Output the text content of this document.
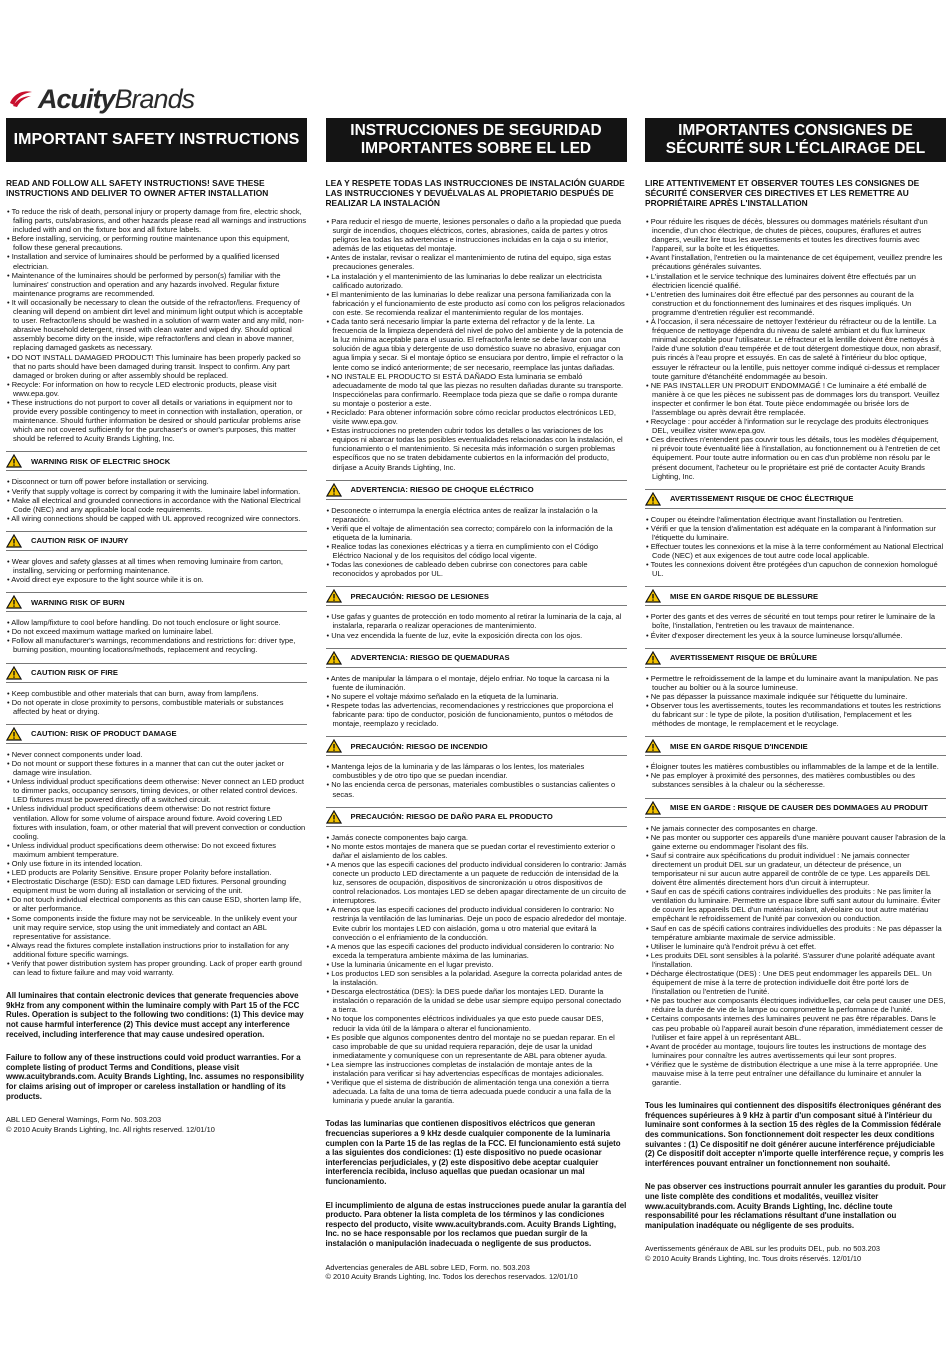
AcuityBrands
IMPORTANT SAFETY INSTRUCTIONS
READ AND FOLLOW ALL SAFETY INSTRUCTIONS! SAVE THESE INSTRUCTIONS AND DELIVER TO OWNER AFTER INSTALLATION
• To reduce the risk of death, personal injury or property damage from fire, electric shock, falling parts, cuts/abrasions, and other hazards please read all warnings and instructions included with and on the fixture box and all fixture labels.
• Before installing, servicing, or performing routine maintenance upon this equipment, follow these general precautions.
• Installation and service of luminaires should be performed by a qualified licensed electrician.
• Maintenance of the luminaires should be performed by person(s) familiar with the luminaires' construction and operation and any hazards involved. Regular fixture maintenance programs are recommended.
• It will occasionally be necessary to clean the outside of the refractor/lens. Frequency of cleaning will depend on ambient dirt level and minimum light output which is acceptable to user. Refractor/lens should be washed in a solution of warm water and any mild, non-abrasive household detergent, rinsed with clean water and wiped dry. Should optical assembly become dirty on the inside, wipe refractor/lens and clean in above manner, replacing damaged gaskets as necessary.
• DO NOT INSTALL DAMAGED PRODUCT! This luminaire has been properly packed so that no parts should have been damaged during transit. Inspect to confirm. Any part damaged or broken during or after assembly should be replaced.
• Recycle: For information on how to recycle LED electronic products, please visit www.epa.gov.
• These instructions do not purport to cover all details or variations in equipment nor to provide every possible contingency to meet in connection with installation, operation, or maintenance. Should further information be desired or should particular problems arise which are not covered sufficiently for the purchaser's or owner's purposes, this matter should be referred to Acuity Brands Lighting, Inc.
WARNING RISK OF ELECTRIC SHOCK
• Disconnect or turn off power before installation or servicing.
• Verify that supply voltage is correct by comparing it with the luminaire label information.
• Make all electrical and grounded connections in accordance with the National Electrical Code (NEC) and any applicable local code requirements.
• All wiring connections should be capped with UL approved recognized wire connectors.
CAUTION RISK OF INJURY
• Wear gloves and safety glasses at all times when removing luminaire from carton, installing, servicing or performing maintenance.
• Avoid direct eye exposure to the light source while it is on.
WARNING RISK OF BURN
• Allow lamp/fixture to cool before handling. Do not touch enclosure or light source.
• Do not exceed maximum wattage marked on luminaire label.
• Follow all manufacturer's warnings, recommendations and restrictions for: driver type, burning position, mounting locations/methods, replacement and recycling.
CAUTION RISK OF FIRE
• Keep combustible and other materials that can burn, away from lamp/lens.
• Do not operate in close proximity to persons, combustible materials or substances affected by heat or drying.
CAUTION: RISK OF PRODUCT DAMAGE
• Never connect components under load.
• Do not mount or support these fixtures in a manner that can cut the outer jacket or damage wire insulation.
• Unless individual product specifications deem otherwise: Never connect an LED product to dimmer packs, occupancy sensors, timing devices, or other related control devices. LED fixtures must be powered directly off a switched circuit.
• Unless individual product specifications deem otherwise: Do not restrict fixture ventilation. Allow for some volume of airspace around fixture. Avoid covering LED fixtures with insulation, foam, or other material that will prevent convection or conduction cooling.
• Unless individual product specifications deem otherwise: Do not exceed fixtures maximum ambient temperature.
• Only use fixture in its intended location.
• LED products are Polarity Sensitive. Ensure proper Polarity before installation.
• Electrostatic Discharge (ESD): ESD can damage LED fixtures. Personal grounding equipment must be worn during all installation or servicing of the unit.
• Do not touch individual electrical components as this can cause ESD, shorten lamp life, or alter performance.
• Some components inside the fixture may not be serviceable. In the unlikely event your unit may require service, stop using the unit immediately and contact an ABL representative for assistance.
• Always read the fixtures complete installation instructions prior to installation for any additional fixture specific warnings.
• Verify that power distribution system has proper grounding. Lack of proper earth ground can lead to fixture failure and may void warranty.
All luminaires that contain electronic devices that generate frequencies above 9kHz from any component within the luminaire comply with Part 15 of the FCC Rules. Operation is subject to the following two conditions: (1) This device may not cause harmful interference (2) This device must accept any interference received, including interference that may cause undesired operation.
Failure to follow any of these instructions could void product warranties. For a complete listing of product Terms and Conditions, please visit www.acuitybrands.com. Acuity Brands Lighting, Inc. assumes no responsibility for claims arising out of improper or careless installation or handling of its products.
ABL LED General Warnings, Form No. 503.203
© 2010 Acuity Brands Lighting, Inc. All rights reserved. 12/01/10
INSTRUCCIONES DE SEGURIDAD IMPORTANTES SOBRE EL LED
LEA Y RESPETE TODAS LAS INSTRUCCIONES DE INSTALACIÓN GUARDE LAS INSTRUCCIONES Y DEVUÉLVALAS AL PROPIETARIO DESPUÉS DE REALIZAR LA INSTALACIÓN
• Para reducir el riesgo de muerte, lesiones personales o daño a la propiedad que pueda surgir de incendios, choques eléctricos, cortes, abrasiones, caída de partes y otros peligros lea todas las advertencias e instrucciones incluidas en la caja o su interior, además de las etiquetas del montaje.
• Antes de instalar, revisar o realizar el mantenimiento de rutina del equipo, siga estas precauciones generales.
• La instalación y el mantenimiento de las luminarias lo debe realizar un electricista calificado autorizado.
• El mantenimiento de las luminarias lo debe realizar una persona familiarizada con la fabricación y el funcionamiento de este producto así como con los peligros relacionados con este. Se recomienda realizar el mantenimiento regular de los montajes.
• Cada tanto será necesario limpiar la parte externa del refractor y de la lente. La frecuencia de la limpieza dependerá del nivel de polvo del ambiente y de la potencia de la luz mínima aceptable para el usuario. El refractor/la lente se debe lavar con una solución de agua tibia y detergente de uso doméstico suave no abrasivo, enjuagar con agua limpia y secar. Si el montaje óptico se ensuciara por dentro, limpie el refractor o la lente como se indicó anteriormente; de ser necesario, reemplace las juntas dañadas.
• NO INSTALE EL PRODUCTO SI ESTÁ DAÑADO Esta luminaria se embaló adecuadamente de modo tal que las piezas no resulten dañadas durante su transporte. Inspecciónelas para confirmarlo. Reemplace toda pieza que se dañe o rompa durante su montaje o posterior a este.
• Reciclado: Para obtener información sobre cómo reciclar productos electrónicos LED, visite www.epa.gov.
• Estas instrucciones no pretenden cubrir todos los detalles o las variaciones de los equipos ni abarcar todas las posibles eventualidades relacionadas con la instalación, el funcionamiento o el mantenimiento. Si necesita más información o surgen problemas específicos que no se traten debidamente cubiertos en la información del producto, diríjase a Acuity Brands Lighting, Inc.
ADVERTENCIA: RIESGO DE CHOQUE ELÉCTRICO
• Desconecte o interrumpa la energía eléctrica antes de realizar la instalación o la reparación.
• Verifi que el voltaje de alimentación sea correcto; compárelo con la información de la etiqueta de la luminaria.
• Realice todas las conexiones eléctricas y a tierra en cumplimiento con el Código Eléctrico Nacional y de los requisitos del código local vigente.
• Todas las conexiones de cableado deben cubrirse con conectores para cable reconocidos y aprobados por UL.
PRECAUCIÓN: RIESGO DE LESIONES
• Use gafas y guantes de protección en todo momento al retirar la luminaria de la caja, al instalarla, repararla o realizar operaciones de mantenimiento.
• Una vez encendida la fuente de luz, evite la exposición directa con los ojos.
ADVERTENCIA: RIESGO DE QUEMADURAS
• Antes de manipular la lámpara o el montaje, déjelo enfriar. No toque la carcasa ni la fuente de iluminación.
• No supere el voltaje máximo señalado en la etiqueta de la luminaria.
• Respete todas las advertencias, recomendaciones y restricciones que proporciona el fabricante para: tipo de conductor, posición de funcionamiento, puntos o métodos de montaje, reemplazo y reciclado.
PRECAUCIÓN: RIESGO DE INCENDIO
• Mantenga lejos de la luminaria y de las lámparas o los lentes, los materiales combustibles y de otro tipo que se puedan incendiar.
• No las encienda cerca de personas, materiales combustibles o sustancias calientes o secas.
PRECAUCIÓN: RIESGO DE DAÑO PARA EL PRODUCTO
• Jamás conecte componentes bajo carga.
• No monte estos montajes de manera que se puedan cortar el revestimiento exterior o dañar el aislamiento de los cables.
• A menos que las especifi caciones del producto individual consideren lo contrario: Jamás conecte un producto LED directamente a un paquete de reducción de intensidad de la luz, sensores de ocupación, dispositivos de sincronización u otros dispositivos de control relacionados. Los montajes LED se deben apagar directamente de un circuito de interruptores.
• A menos que las especifi caciones del producto individual consideren lo contrario: No restrinja la ventilación de las luminarias. Deje un poco de espacio alrededor del montaje. Evite cubrir los montajes LED con aislación, goma u otro material que evitará la convección o el enfriamiento de la conducción.
• A menos que las especifi caciones del producto individual consideren lo contrario: No exceda la temperatura ambiente máxima de las luminarias.
• Use la luminaria únicamente en el lugar previsto.
• Los productos LED son sensibles a la polaridad. Asegure la correcta polaridad antes de la instalación.
• Descarga electrostática (DES): la DES puede dañar los montajes LED. Durante la instalación o reparación de la unidad se debe usar siempre equipo personal conectado a tierra.
• No toque los componentes eléctricos individuales ya que esto puede causar DES, reducir la vida útil de la lámpara o alterar el funcionamiento.
• Es posible que algunos componentes dentro del montaje no se puedan reparar. En el caso improbable de que su unidad requiera reparación, deje de usar la unidad inmediatamente y comuníquese con un representante de ABL para obtener ayuda.
• Lea siempre las instrucciones completas de instalación de montaje antes de la instalación para verificar si hay advertencias específicas de montajes adicionales.
• Verifique que el sistema de distribución de alimentación tenga una conexión a tierra adecuada. La falta de una toma de tierra adecuada puede conducir a una falla de la luminaria y puede anular la garantía.
Todas las luminarias que contienen dispositivos eléctricos que generan frecuencias superiores a 9 kHz desde cualquier componente de la luminaria cumplen con la Parte 15 de las reglas de la FCC. El funcionamiento está sujeto a las siguientes dos condiciones: (1) este dispositivo no puede ocasionar interferencias perjudiciales, y (2) este dispositivo debe aceptar cualquier interferencia recibida, incluso aquellas que puedan ocasionar un mal funcionamiento.
El incumplimiento de alguna de estas instrucciones puede anular la garantía del producto. Para obtener la lista completa de los términos y las condiciones respecto del producto, visite www.acuitybrands.com. Acuity Brands Lighting, Inc. no se hace responsable por los reclamos que puedan surgir de la instalación o manipulación inadecuada o negligente de sus productos.
Advertencias generales de ABL sobre LED, Form. no. 503.203
© 2010 Acuity Brands Lighting, Inc. Todos los derechos reservados. 12/01/10
IMPORTANTES CONSIGNES DE SÉCURITÉ SUR L'ÉCLAIRAGE DEL
LIRE ATTENTIVEMENT ET OBSERVER TOUTES LES CONSIGNES DE SÉCURITÉ CONSERVER CES DIRECTIVES ET LES REMETTRE AU PROPRIÉTAIRE APRÈS L'INSTALLATION
• Pour réduire les risques de décès, blessures ou dommages matériels résultant d'un incendie, d'un choc électrique, de chutes de pièces, coupures, éraflures et autres dangers, veuillez lire tous les avertissements et toutes les directives fournis avec l'appareil, sur la boîte et les étiquettes.
• Avant l'installation, l'entretien ou la maintenance de cet équipement, veuillez prendre les précautions générales suivantes.
• L'installation et le service technique des luminaires doivent être effectués par un électricien licencié qualifié.
• L'entretien des luminaires doit être effectué par des personnes au courant de la construction et du fonctionnement des luminaires et des risques impliqués. Un programme d'entretien régulier est recommandé.
• À l'occasion, il sera nécessaire de nettoyer l'extérieur du réfracteur ou de la lentille. La fréquence de nettoyage dépendra du niveau de saleté ambiant et du flux lumineux minimal acceptable pour l'utilisateur. Le réfracteur et la lentille doivent être nettoyés à l'aide d'une solution d'eau tempérée et de tout détergent domestique doux, non abrasif, puis rincés à l'eau propre et essuyés. En cas de saleté à l'intérieur du bloc optique, essuyer le réfracteur ou la lentille, puis nettoyer comme indiqué ci-dessus et remplacer toute garniture d'étanchéité endommagée au besoin.
• NE PAS INSTALLER UN PRODUIT ENDOMMAGÉ ! Ce luminaire a été emballé de manière à ce que les pièces ne subissent pas de dommages lors du transport. Veuillez inspecter et confirmer le bon état. Toute pièce endommagée ou brisée lors de l'assemblage ou après devrait être remplacée.
• Recyclage : pour accéder à l'information sur le recyclage des produits électroniques DEL, veuillez visiter www.epa.gov.
• Ces directives n'entendent pas couvrir tous les détails, tous les modèles d'équipement, ni prévoir toute éventualité liée à l'installation, au fonctionnement ou à l'entretien de cet équipement. Pour toute autre information ou en cas d'un problème non résolu par le présent document, l'acheteur ou le propriétaire est prié de contacter Acuity Brands Lighting, Inc.
AVERTISSEMENT RISQUE DE CHOC ÉLECTRIQUE
• Couper ou éteindre l'alimentation électrique avant l'installation ou l'entretien.
• Vérifi er que la tension d'alimentation est adéquate en la comparant à l'information sur l'étiquette du luminaire.
• Effectuer toutes les connexions et la mise à la terre conformément au National Electrical Code (NEC) et aux exigences de tout autre code local applicable.
• Toutes les connexions doivent être protégées d'un capuchon de connexion homologué UL.
MISE EN GARDE RISQUE DE BLESSURE
• Porter des gants et des verres de sécurité en tout temps pour retirer le luminaire de la boîte, l'installation, l'entretien ou les travaux de maintenance.
• Éviter d'exposer directement les yeux à la source lumineuse lorsqu'allumée.
AVERTISSEMENT RISQUE DE BRÛLURE
• Permettre le refroidissement de la lampe et du luminaire avant la manipulation. Ne pas toucher au boîtier ou à la source lumineuse.
• Ne pas dépasser la puissance maximale indiquée sur l'étiquette du luminaire.
• Observer tous les avertissements, toutes les recommandations et toutes les restrictions du fabricant sur : le type de pilote, la position d'utilisation, l'emplacement et les méthodes de montage, le remplacement et le recyclage.
MISE EN GARDE RISQUE D'INCENDIE
• Éloigner toutes les matières combustibles ou inflammables de la lampe et de la lentille.
• Ne pas employer à proximité des personnes, des matières combustibles ou des substances sensibles à la chaleur ou la sécheresse.
MISE EN GARDE : RISQUE DE CAUSER DES DOMMAGES AU PRODUIT
• Ne jamais connecter des composantes en charge.
• Ne pas monter ou supporter ces appareils d'une manière pouvant causer l'abrasion de la gaine externe ou endommager l'isolant des fils.
• Sauf si contraire aux spécifications du produit individuel : Ne jamais connecter directement un produit DEL sur un gradateur, un détecteur de présence, un temporisateur ni sur aucun autre appareil de contrôle de ce type. Les appareils DEL doivent être alimentés directement hors d'un circuit à interrupteur.
• Sauf en cas de spécifi cations contraires individuelles des produits : Ne pas limiter la ventilation du luminaire. Permettre un espace libre suffi sant autour du luminaire. Éviter de couvrir les appareils DEL d'un matériau isolant, alvéolaire ou tout autre matériau empêchant le refroidissement de l'unité par convexion ou conduction.
• Sauf en cas de spécifi cations contraires individuelles des produits : Ne pas dépasser la température ambiante maximale de service admissible.
• Utiliser le luminaire qu'à l'endroit prévu à cet effet.
• Les produits DEL sont sensibles à la polarité. S'assurer d'une polarité adéquate avant l'installation.
• Décharge électrostatique (DES) : Une DES peut endommager les appareils DEL. Un équipement de mise à la terre de protection individuelle doit être porté lors de l'installation ou l'entretien de l'unité.
• Ne pas toucher aux composants électriques individuelles, car cela peut causer une DES, réduire la durée de vie de la lampe ou compromettre la performance de l'unité.
• Certains composants internes des luminaires peuvent ne pas être réparables. Dans le cas peu probable où l'appareil aurait besoin d'une réparation, immédiatement cesser de l'utiliser et faire appel à un représentant ABL.
• Avant de procéder au montage, toujours lire toutes les instructions de montage des luminaires pour connaître les autres avertissements qui leur sont propres.
• Vérifiez que le système de distribution électrique a une mise à la terre appropriée. Une mauvaise mise à la terre peut entraîner une défaillance du luminaire et annuler la garantie.
Tous les luminaires qui contiennent des dispositifs électroniques générant des fréquences supérieures à 9 kHz à partir d'un composant situé à l'intérieur du luminaire sont conformes à la section 15 des règles de la Commission fédérale des communications. Son fonctionnement doit respecter les deux conditions suivantes : (1) Ce dispositif ne doit générer aucune interférence préjudiciable (2) Ce dispositif doit accepter n'importe quelle interférence reçue, y compris les interférences pouvant entraîner un fonctionnement non souhaité.
Ne pas observer ces instructions pourrait annuler les garanties du produit. Pour une liste complète des conditions et modalités, veuillez visiter www.acuitybrands.com. Acuity Brands Lighting, Inc. décline toute responsabilité pour les réclamations résultant d'une installation ou manipulation inadéquate ou négligente de ses produits.
Avertissements généraux de ABL sur les produits DEL, pub. no 503.203
© 2010 Acuity Brands Lighting, Inc. Tous droits réservés. 12/01/10
